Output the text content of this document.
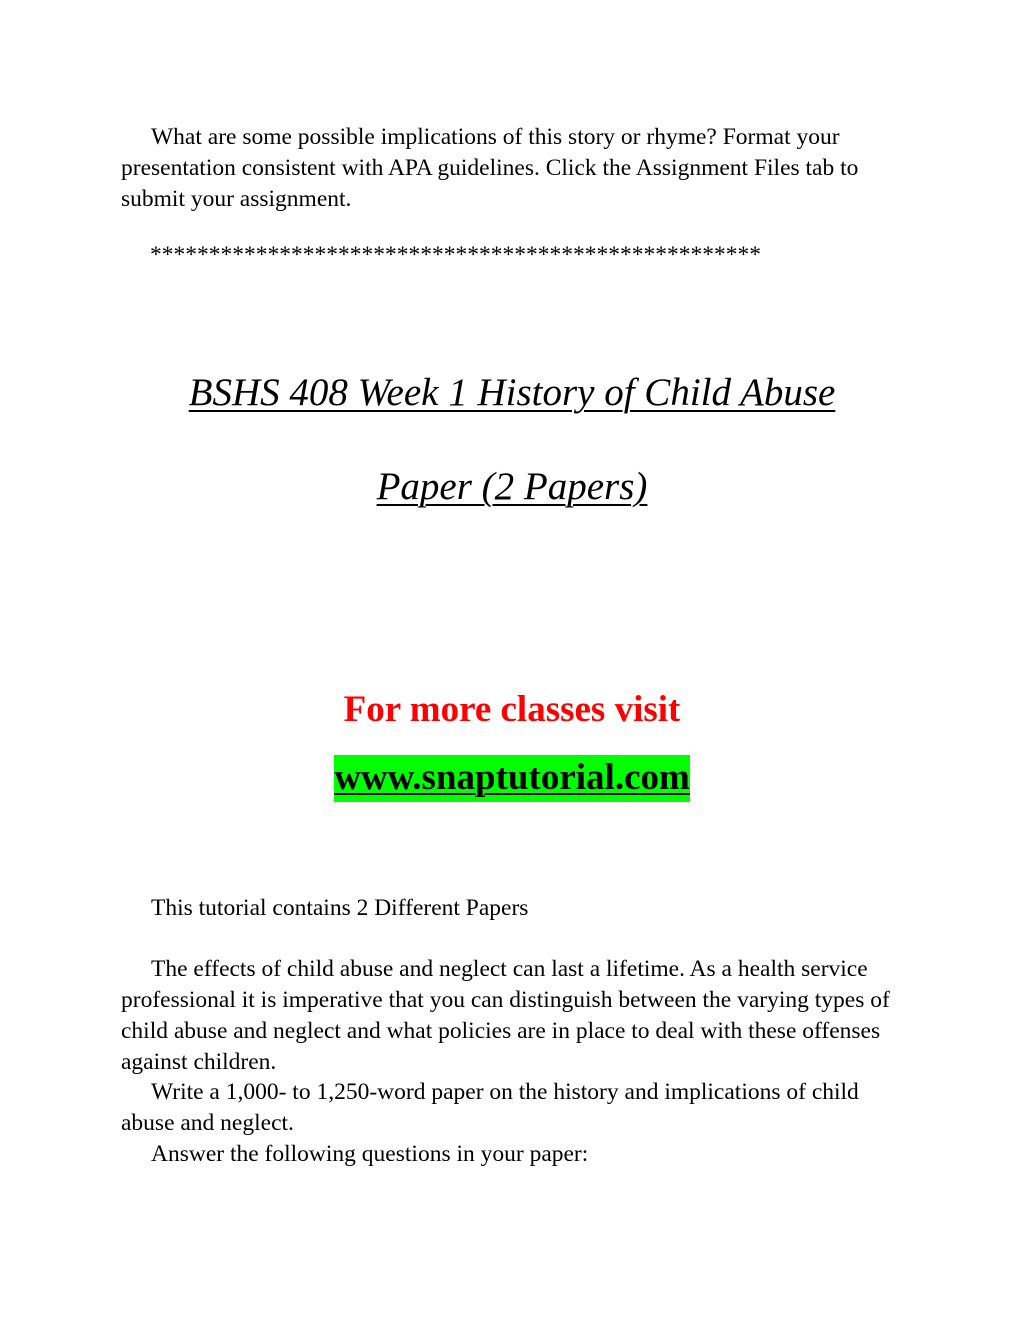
What are some possible implications of this story or rhyme? Format your presentation consistent with APA guidelines. Click the Assignment Files tab to submit your assignment.

****************************************************

BSHS 408 Week 1 History of Child Abuse

Paper (2 Papers)

For more classes visit

www.snaptutorial.com

This tutorial contains 2 Different Papers

The effects of child abuse and neglect can last a lifetime. As a health service professional it is imperative that you can distinguish between the varying types of child abuse and neglect and what policies are in place to deal with these offenses against children.

Write a 1,000- to 1,250-word paper on the history and implications of child abuse and neglect.

Answer the following questions in your paper:
